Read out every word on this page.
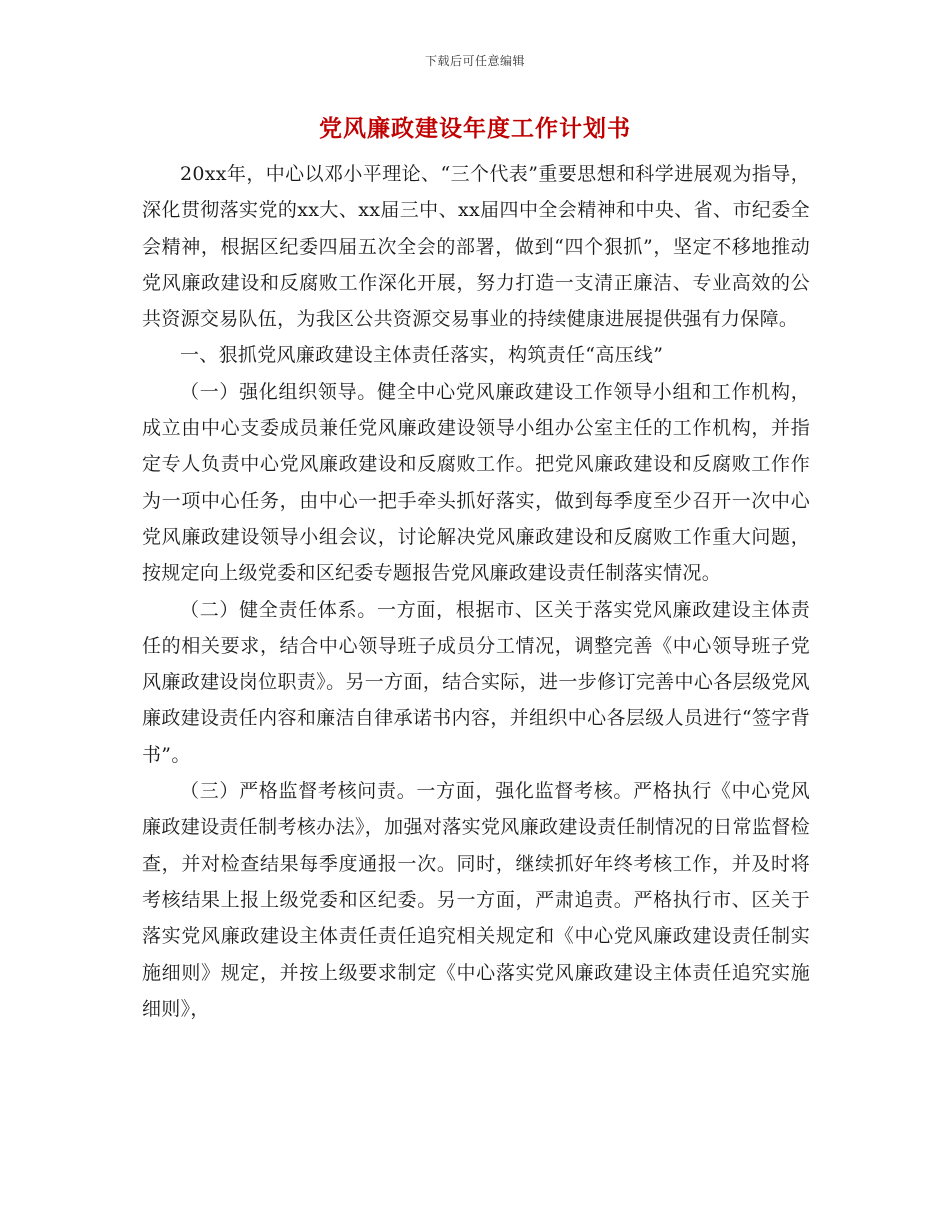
下载后可任意编辑
党风廉政建设年度工作计划书

20xx年，中心以邓小平理论、“三个代表”重要思想和科学进展观为指导，深化贯彻落实党的xx大、xx届三中、xx届四中全会精神和中央、省、市纪委全会精神，根据区纪委四届五次全会的部署，做到“四个狠抓”，坚定不移地推动党风廉政建设和反腐败工作深化开展，努力打造一支清正廉洁、专业高效的公共资源交易队伍，为我区公共资源交易事业的持续健康进展提供强有力保障。

一、狠抓党风廉政建设主体责任落实，构筑责任“高压线”

（一）强化组织领导。健全中心党风廉政建设工作领导小组和工作机构，成立由中心支委成员兼任党风廉政建设领导小组办公室主任的工作机构，并指定专人负责中心党风廉政建设和反腐败工作。把党风廉政建设和反腐败工作作为一项中心任务，由中心一把手牵头抓好落实，做到每季度至少召开一次中心党风廉政建设领导小组会议，讨论解决党风廉政建设和反腐败工作重大问题，按规定向上级党委和区纪委专题报告党风廉政建设责任制落实情况。

（二）健全责任体系。一方面，根据市、区关于落实党风廉政建设主体责任的相关要求，结合中心领导班子成员分工情况，调整完善《中心领导班子党风廉政建设岗位职责》。另一方面，结合实际，进一步修订完善中心各层级党风廉政建设责任内容和廉洁自律承诺书内容，并组织中心各层级人员进行“签字背书”。

（三）严格监督考核问责。一方面，强化监督考核。严格执行《中心党风廉政建设责任制考核办法》，加强对落实党风廉政建设责任制情况的日常监督检查，并对检查结果每季度通报一次。同时，继续抓好年终考核工作，并及时将考核结果上报上级党委和区纪委。另一方面，严肃追责。严格执行市、区关于落实党风廉政建设主体责任责任追究相关规定和《中心党风廉政建设责任制实施细则》规定，并按上级要求制定《中心落实党风廉政建设主体责任追究实施细则》，
